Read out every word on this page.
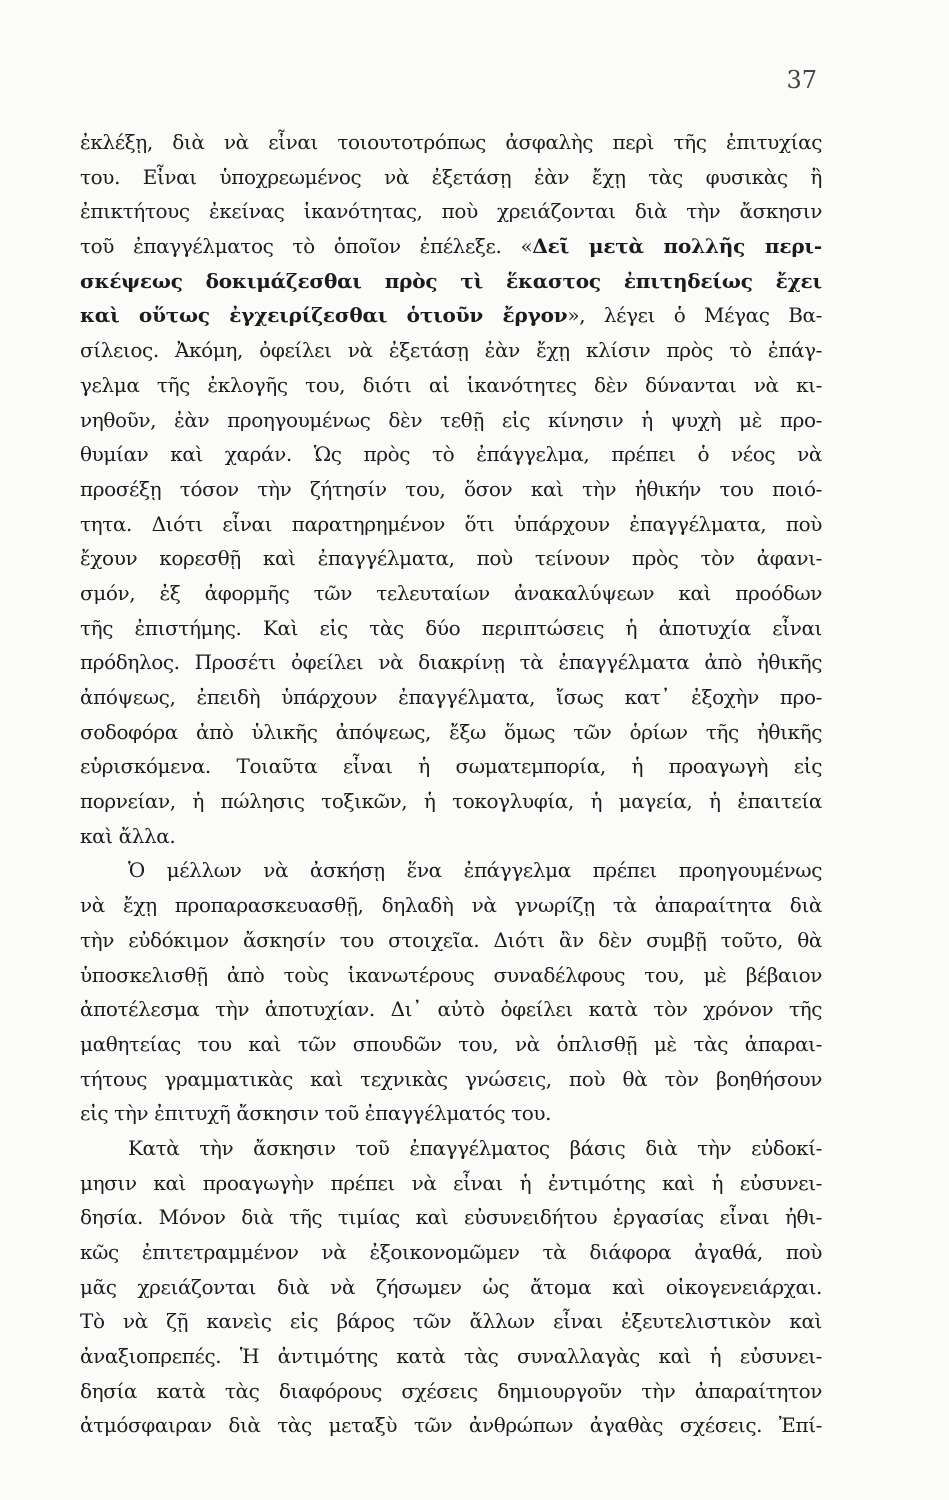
37
ἐκλέξῃ, διὰ νὰ εἶναι τοιουτοτρόπως ἀσφαλὴς περὶ τῆς ἐπιτυχίας
του. Εἶναι ὑποχρεωμένος νὰ ἐξετάσῃ ἐὰν ἔχῃ τὰς φυσικὰς ἢ
ἐπικτήτους ἐκείνας ἱκανότητας, ποὺ χρειάζονται διὰ τὴν ἄσκησιν
τοῦ ἐπαγγέλματος τὸ ὁποῖον ἐπέλεξε. «Δεῖ μετὰ πολλῆς περι-
σκέψεως δοκιμάζεσθαι πρὸς τὶ ἕκαστος ἐπιτηδείως ἔχει
καὶ οὕτως ἐγχειρίζεσθαι ὁτιοῦν ἔργον», λέγει ὁ Μέγας Βα-
σίλειος. Ἀκόμη, ὀφείλει νὰ ἐξετάσῃ ἐὰν ἔχῃ κλίσιν πρὸς τὸ ἐπάγ-
γελμα τῆς ἐκλογῆς του, διότι αἱ ἱκανότητες δὲν δύνανται νὰ κι-
νηθοῦν, ἐὰν προηγουμένως δὲν τεθῇ εἰς κίνησιν ἡ ψυχὴ μὲ προ-
θυμίαν καὶ χαράν. Ὡς πρὸς τὸ ἐπάγγελμα, πρέπει ὁ νέος νὰ
προσέξῃ τόσον τὴν ζήτησίν του, ὅσον καὶ τὴν ἠθικήν του ποιό-
τητα. Διότι εἶναι παρατηρημένον ὅτι ὑπάρχουν ἐπαγγέλματα, ποὺ
ἔχουν κορεσθῇ καὶ ἐπαγγέλματα, ποὺ τείνουν πρὸς τὸν ἀφανι-
σμόν, ἐξ ἀφορμῆς τῶν τελευταίων ἀνακαλύψεων καὶ προόδων
τῆς ἐπιστήμης. Καὶ εἰς τὰς δύο περιπτώσεις ἡ ἀποτυχία εἶναι
πρόδηλος. Προσέτι ὀφείλει νὰ διακρίνῃ τὰ ἐπαγγέλματα ἀπὸ ἠθικῆς
ἀπόψεως, ἐπειδὴ ὑπάρχουν ἐπαγγέλματα, ἴσως κατ᾽ ἐξοχὴν προ-
σοδοφόρα ἀπὸ ὑλικῆς ἀπόψεως, ἔξω ὅμως τῶν ὁρίων τῆς ἠθικῆς
εὑρισκόμενα. Τοιαῦτα εἶναι ἡ σωματεμπορία, ἡ προαγωγὴ εἰς
πορνείαν, ἡ πώλησις τοξικῶν, ἡ τοκογλυφία, ἡ μαγεία, ἡ ἐπαιτεία
καὶ ἄλλα.
Ὁ μέλλων νὰ ἀσκήσῃ ἕνα ἐπάγγελμα πρέπει προηγουμένως
νὰ ἔχῃ προπαρασκευασθῇ, δηλαδὴ νὰ γνωρίζῃ τὰ ἀπαραίτητα διὰ
τὴν εὐδόκιμον ἄσκησίν του στοιχεῖα. Διότι ἂν δὲν συμβῇ τοῦτο, θὰ
ὑποσκελισθῇ ἀπὸ τοὺς ἱκανωτέρους συναδέλφους του, μὲ βέβαιον
ἀποτέλεσμα τὴν ἀποτυχίαν. Δι᾽ αὐτὸ ὀφείλει κατὰ τὸν χρόνον τῆς
μαθητείας του καὶ τῶν σπουδῶν του, νὰ ὁπλισθῇ μὲ τὰς ἀπαραι-
τήτους γραμματικὰς καὶ τεχνικὰς γνώσεις, ποὺ θὰ τὸν βοηθήσουν
εἰς τὴν ἐπιτυχῆ ἄσκησιν τοῦ ἐπαγγέλματός του.
Κατὰ τὴν ἄσκησιν τοῦ ἐπαγγέλματος βάσις διὰ τὴν εὐδοκί-
μησιν καὶ προαγωγὴν πρέπει νὰ εἶναι ἡ ἐντιμότης καὶ ἡ εὐσυνει-
δησία. Μόνον διὰ τῆς τιμίας καὶ εὐσυνειδήτου ἐργασίας εἶναι ἠθι-
κῶς ἐπιτετραμμένον νὰ ἐξοικονομῶμεν τὰ διάφορα ἀγαθά, ποὺ
μᾶς χρειάζονται διὰ νὰ ζήσωμεν ὡς ἄτομα καὶ οἰκογενειάρχαι.
Τὸ νὰ ζῇ κανεὶς εἰς βάρος τῶν ἄλλων εἶναι ἐξευτελιστικὸν καὶ
ἀναξιοπρεπές. Ἡ ἀντιμότης κατὰ τὰς συναλλαγὰς καὶ ἡ εὐσυνει-
δησία κατὰ τὰς διαφόρους σχέσεις δημιουργοῦν τὴν ἀπαραίτητον
ἀτμόσφαιραν διὰ τὰς μεταξὺ τῶν ἀνθρώπων ἀγαθὰς σχέσεις. Ἐπί-
